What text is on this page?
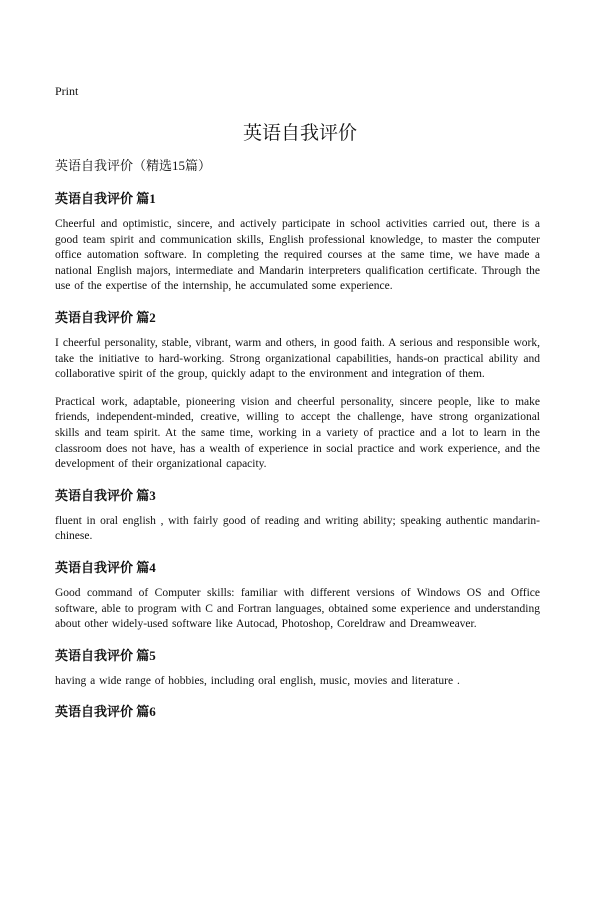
Print
英语自我评价

英语自我评价（精选15篇）

英语自我评价 篇1

Cheerful and optimistic, sincere, and actively participate in school activities carried out, there is a good team spirit and communication skills, English professional knowledge, to master the computer office automation software. In completing the required courses at the same time, we have made a national English majors, intermediate and Mandarin interpreters qualification certificate. Through the use of the expertise of the internship, he accumulated some experience.

英语自我评价 篇2

I cheerful personality, stable, vibrant, warm and others, in good faith. A serious and responsible work, take the initiative to hard-working. Strong organizational capabilities, hands-on practical ability and collaborative spirit of the group, quickly adapt to the environment and integration of them.

Practical work, adaptable, pioneering vision and cheerful personality, sincere people, like to make friends, independent-minded, creative, willing to accept the challenge, have strong organizational skills and team spirit. At the same time, working in a variety of practice and a lot to learn in the classroom does not have, has a wealth of experience in social practice and work experience, and the development of their organizational capacity.

英语自我评价 篇3

fluent in oral english , with fairly good of reading and writing ability; speaking authentic mandarin-chinese.

英语自我评价 篇4

Good command of Computer skills: familiar with different versions of Windows OS and Office software, able to program with C and Fortran languages, obtained some experience and understanding about other widely-used software like Autocad, Photoshop, Coreldraw and Dreamweaver.

英语自我评价 篇5

having a wide range of hobbies, including oral english, music, movies and literature .

英语自我评价 篇6
